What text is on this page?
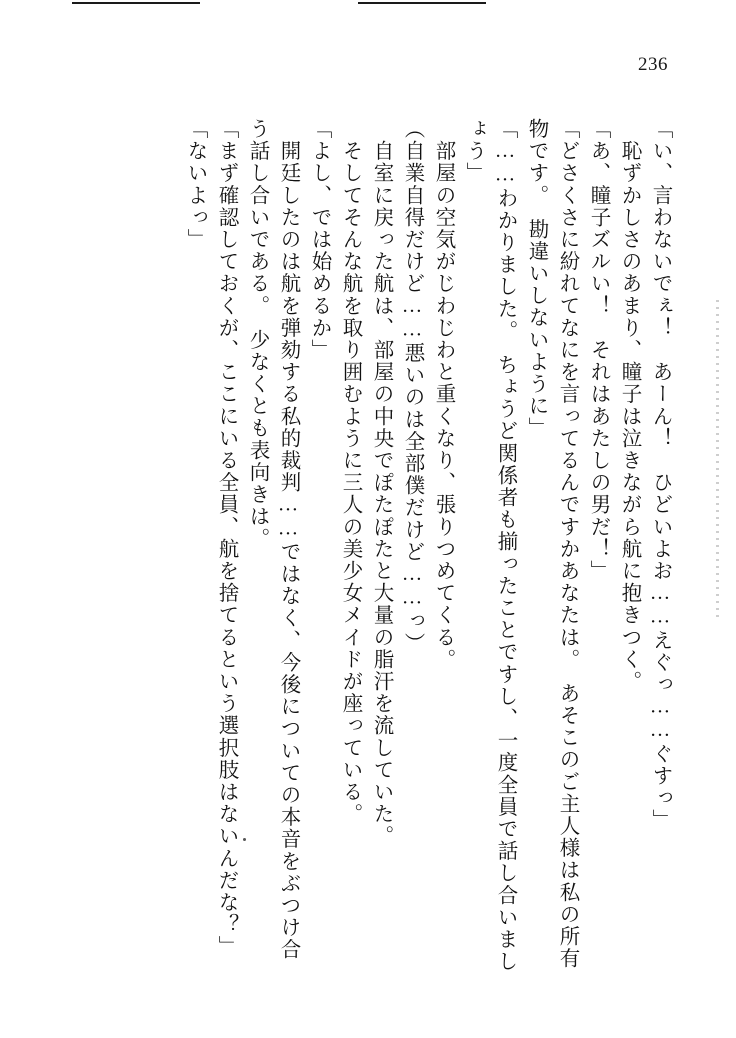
236
「い、言わないでぇ！　あーん！　ひどいよお……えぐっ……ぐすっ」
　恥ずかしさのあまり、瞳子は泣きながら航に抱きつく。
「あ、瞳子ズルい！　それはあたしの男だ！」
「どさくさに紛れてなにを言ってるんですかあなたは。　あそこのご主人様は私の所有
物です。　勘違いしないように」
「……わかりました。　ちょうど関係者も揃ったことですし、一度全員で話し合いまし
ょう」
　部屋の空気がじわじわと重くなり、張りつめてくる。
（自業自得だけど……悪いのは全部僕だけど……っ）
　自室に戻った航は、部屋の中央でぽたぽたと大量の脂汗を流していた。
　そしてそんな航を取り囲むように三人の美少女メイドが座っている。
「よし、では始めるか」
　開廷したのは航を弾劾する私的裁判……ではなく、今後についての本音をぶつけ合
う話し合いである。　少なくとも表向きは。
「まず確認しておくが、ここにいる全員、航を捨てるという選択肢はないんだな？」
「ないよっ」
